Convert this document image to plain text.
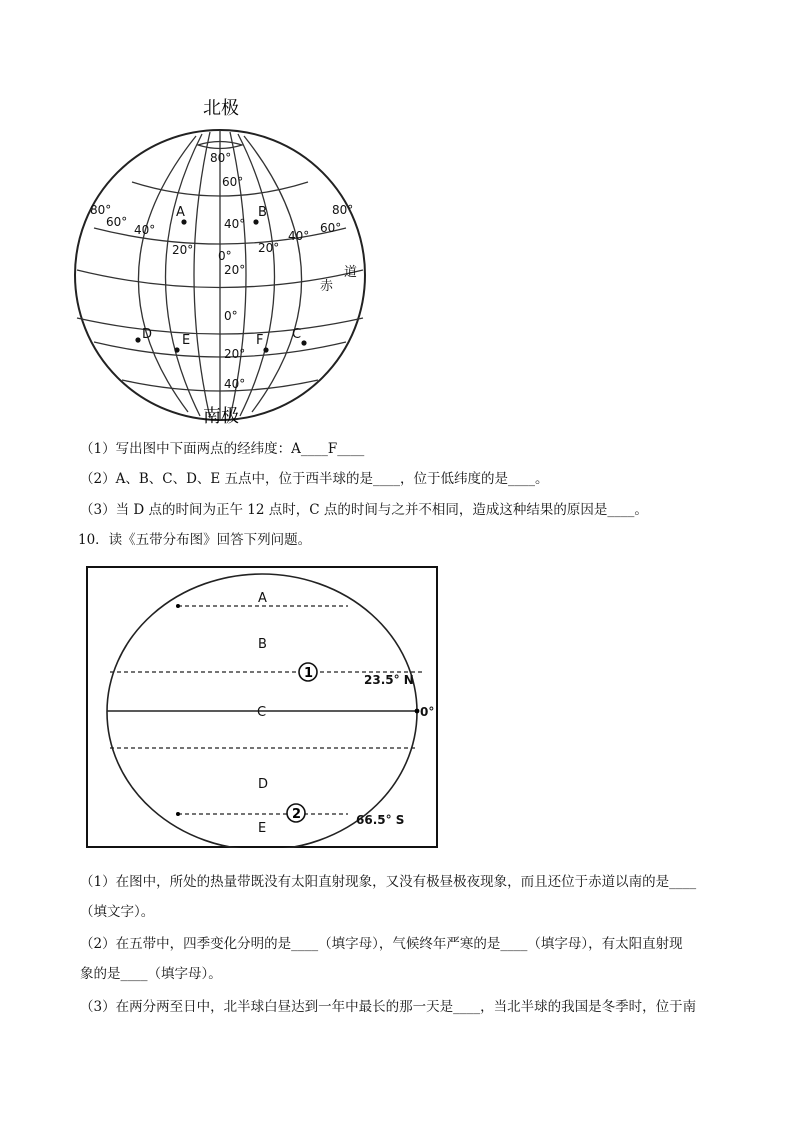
北极
南极
80°
60°
80°
60°
40°	40°
20° 0°
20°
40°
60°
80°
20°
0°
20°
40°
道
赤
A	B
D E	F C
（1）写出图中下面两点的经纬度：A____F____
（2）A、B、C、D、E 五点中，位于西半球的是____，位于低纬度的是____。
（3）当 D 点的时间为正午 12 点时，C 点的时间与之并不相同，造成这种结果的原因是____。
10．读《五带分布图》回答下列问题。
A
B
C
D
E
1
2
23.5° N
0°
66.5° S
（1）在图中，所处的热量带既没有太阳直射现象，又没有极昼极夜现象，而且还位于赤道以南的是____
（填文字）。
（2）在五带中，四季变化分明的是____（填字母），气候终年严寒的是____（填字母），有太阳直射现
象的是____（填字母）。
（3）在两分两至日中，北半球白昼达到一年中最长的那一天是____，当北半球的我国是冬季时，位于南
